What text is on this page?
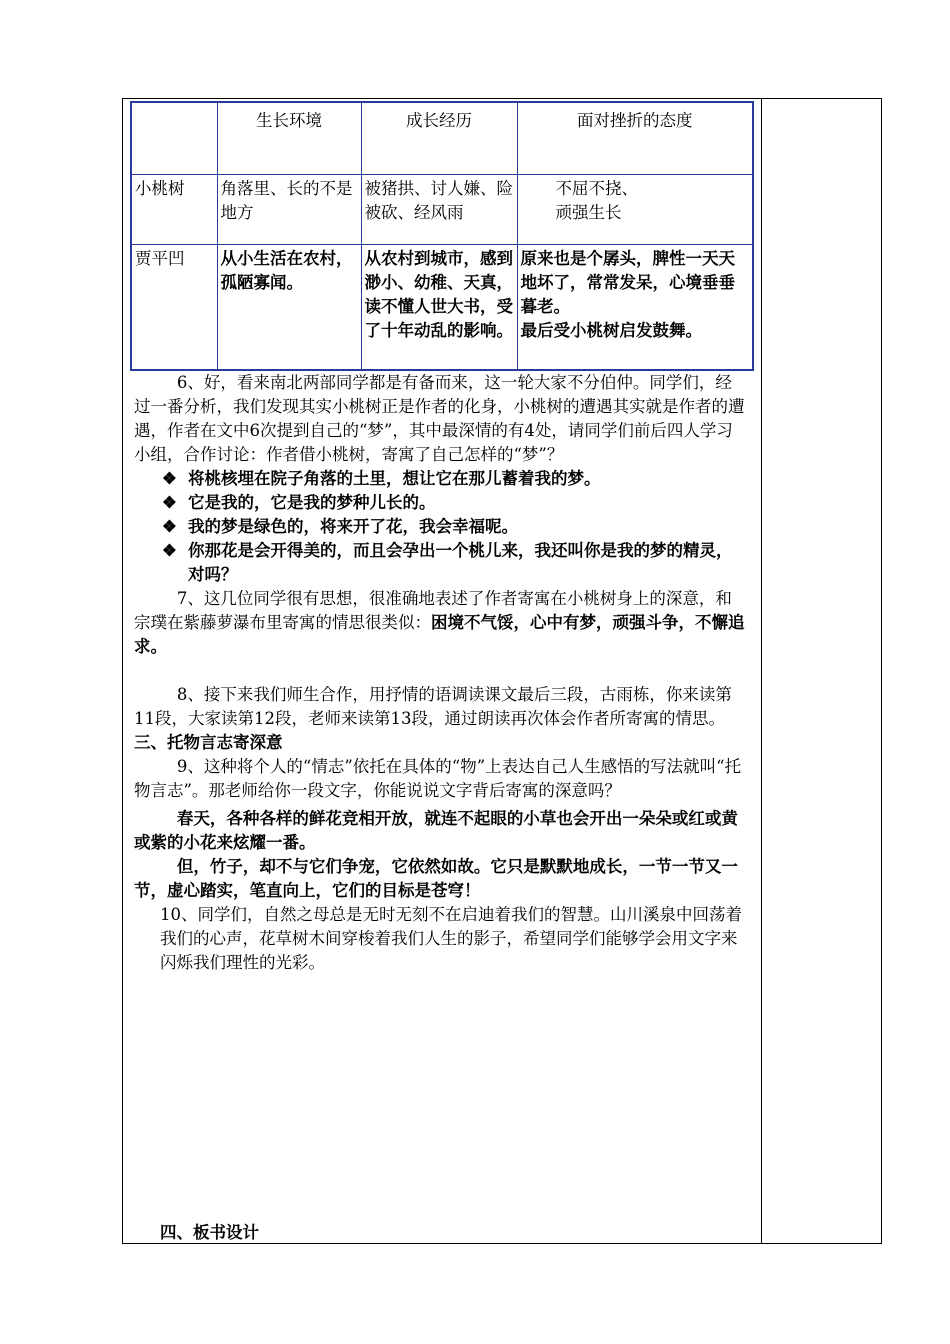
	生长环境	成长经历	面对挫折的态度
小桃树	角落里、长的不是地方	被猪拱、讨人嫌、险被砍、经风雨	不屈不挠、
顽强生长
贾平凹	从小生活在农村，孤陋寡闻。	从农村到城市，感到渺小、幼稚、天真，读不懂人世大书，受了十年动乱的影响。	原来也是个孱头，脾性一天天地坏了，常常发呆，心境垂垂暮老。
最后受小桃树启发鼓舞。

6、好，看来南北两部同学都是有备而来，这一轮大家不分伯仲。同学们，经过一番分析，我们发现其实小桃树正是作者的化身，小桃树的遭遇其实就是作者的遭遇，作者在文中6次提到自己的“梦”，其中最深情的有4处，请同学们前后四人学习小组，合作讨论：作者借小桃树，寄寓了自己怎样的“梦”？

❖ 将桃核埋在院子角落的土里，想让它在那儿蓄着我的梦。
❖ 它是我的，它是我的梦种儿长的。
❖ 我的梦是绿色的，将来开了花，我会幸福呢。
❖ 你那花是会开得美的，而且会孕出一个桃儿来，我还叫你是我的梦的精灵，对吗？

7、这几位同学很有思想，很准确地表述了作者寄寓在小桃树身上的深意，和宗璞在紫藤萝瀑布里寄寓的情思很类似：困境不气馁，心中有梦，顽强斗争，不懈追求。

8、接下来我们师生合作，用抒情的语调读课文最后三段，古雨栋，你来读第11段，大家读第12段，老师来读第13段，通过朗读再次体会作者所寄寓的情思。

三、托物言志寄深意

9、这种将个人的“情志”依托在具体的“物”上表达自己人生感悟的写法就叫“托物言志”。那老师给你一段文字，你能说说文字背后寄寓的深意吗？

春天，各种各样的鲜花竞相开放，就连不起眼的小草也会开出一朵朵或红或黄或紫的小花来炫耀一番。

但，竹子，却不与它们争宠，它依然如故。它只是默默地成长，一节一节又一节，虚心踏实，笔直向上，它们的目标是苍穹！

10、同学们，自然之母总是无时无刻不在启迪着我们的智慧。山川溪泉中回荡着我们的心声，花草树木间穿梭着我们人生的影子，希望同学们能够学会用文字来闪烁我们理性的光彩。

四、板书设计
